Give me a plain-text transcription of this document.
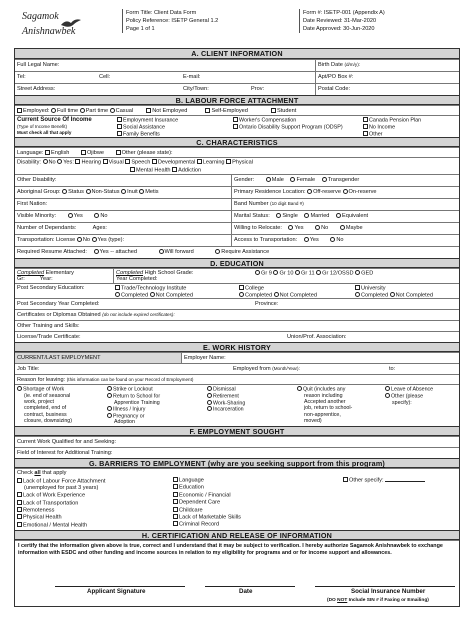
Sagamok
Anishnawbek
Form Title: Client Data Form
Policy Reference: ISETP General 1.2
Page 1 of 1
Form #: ISETP-001 (Appendix A)
Date Reviewed: 31-Mar-2020
Date Approved: 30-Jun-2020
A. CLIENT INFORMATION
Full Legal Name:	Birth Date (d/m/y):
Tel:	Cell:	E-mail:	Apt/PO Box #:
Street Address:	City/Town:	Prov:	Postal Code:
B. LABOUR FORCE ATTACHMENT
Employed: Full time Part time Casual	Not Employed	Self-Employed	Student
Current Source Of Income
(Type of Income Benefit)
Must check all that apply
Employment Insurance
Social Assistance
Family Benefits
Worker's Compensation
Ontario Disability Support Program (ODSP)
Canada Pension Plan
No Income
Other
C. CHARACTERISTICS
Language: English	Ojibwe	Other (please state):
Disability: No Yes: Hearing Visual Speech Developmental Learning Physical
Mental Health Addiction
Other Disability:	Gender:	Male Female Transgender
Aboriginal Group: Status Non-Status Inuit Metis	Primary Residence Location: Off-reserve On-reserve
First Nation:	Band Number (10 digit Band #)
Visible Minority:	Yes	No	Marital Status: Single Married Equivalent
Number of Dependants:	Ages:	Willing to Relocate: Yes	No	Maybe
Transportation: License No Yes (type):	Access to Transportation: Yes	No
Required Resume Attached: Yes -- attached	Will forward	Require Assistance
D. EDUCATION
Completed Elementary
Gr:	Year:
Completed High School Grade:
Year Completed:
Gr 9 Gr 10 Gr 11 Gr 12/OSSD GED
Post Secondary Education:	Trade/Technology Institute
Completed Not Completed
College
Completed Not Completed
University
Completed Not Completed
Post Secondary Year Completed:	Province:
Certificates or Diplomas Obtained (do not include expired certificates):
Other Training and Skills:
License/Trade Certificate:	Union/Prof. Association:
E. WORK HISTORY
CURRENT/LAST EMPLOYMENT	Employer Name:
Job Title:	Employed from (Month/Year):	to:
Reason for leaving: (this information can be found on your Record of Employment)
Shortage of Work
(ie. end of seasonal
work, project
completed, end of
contract, business
closure, downsizing)
Strike or Lockout
Return to School for
Apprentice Training
Illness / Injury
Pregnancy or
Adoption
Dismissal
Retirement
Work-Sharing
Incarceration
Quit (includes any
reason including
Accepted another
job, return to school-
non-apprentice,
moved)
Leave of Absence
Other (please
specify):
F. EMPLOYMENT SOUGHT
Current Work Qualified for and Seeking:
Field of Interest for Additional Training:
G. BARRIERS TO EMPLOYMENT (why are you seeking support from this program)
Check all that apply
Lack of Labour Force Attachment
(unemployed for past 3 years)
Lack of Work Experience
Lack of Transportation
Remoteness
Physical Health
Emotional / Mental Health
Language
Education
Economic / Financial
Dependent Care
Childcare
Lack of Marketable Skills
Criminal Record
Other specify:
H. CERTIFICATION AND RELEASE OF INFORMATION
I certify that the information given above is true, correct and I understand that it may be subject to verification. I hereby authorize Sagamok Anishnawbek to exchange information with ESDC and other funding and income sources in relation to my eligibility for programs and or for income support and allowances.
Applicant Signature	Date	Social Insurance Number
(DO NOT Include SIN # if Faxing or Emailing)
